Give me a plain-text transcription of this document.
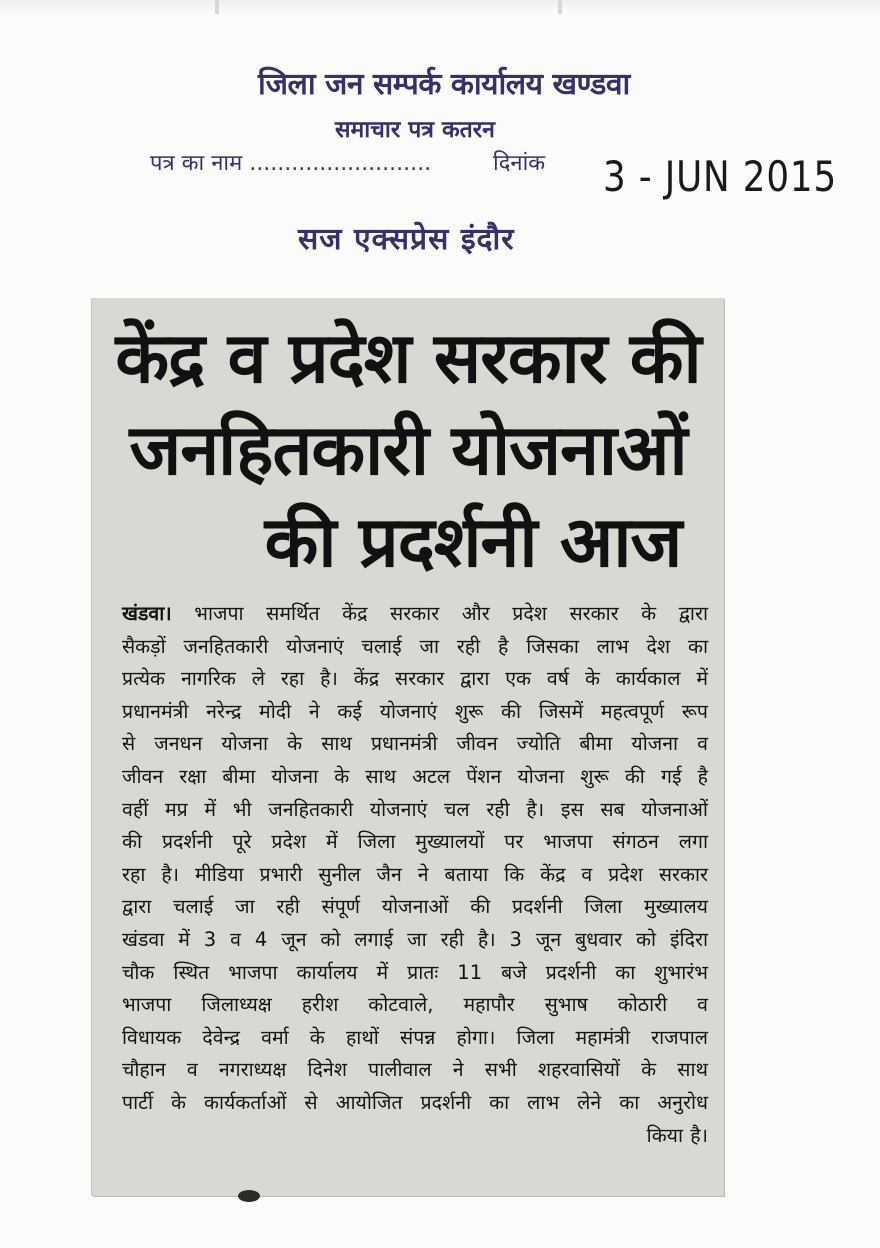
जिला जन सम्पर्क कार्यालय खण्डवा
समाचार पत्र कतरन
पत्र का नाम ..........................	दिनांक 3 - JUN 2015
सज एक्सप्रेस इंदौर
केंद्र व प्रदेश सरकार की
जनहितकारी योजनाओं
की प्रदर्शनी आज
खंडवा। भाजपा समर्थित केंद्र सरकार और प्रदेश सरकार के द्वारा
सैकड़ों जनहितकारी योजनाएं चलाई जा रही है जिसका लाभ देश का
प्रत्येक नागरिक ले रहा है। केंद्र सरकार द्वारा एक वर्ष के कार्यकाल में
प्रधानमंत्री नरेन्द्र मोदी ने कई योजनाएं शुरू की जिसमें महत्वपूर्ण रूप
से जनधन योजना के साथ प्रधानमंत्री जीवन ज्योति बीमा योजना व
जीवन रक्षा बीमा योजना के साथ अटल पेंशन योजना शुरू की गई है
वहीं मप्र में भी जनहितकारी योजनाएं चल रही है। इस सब योजनाओं
की प्रदर्शनी पूरे प्रदेश में जिला मुख्यालयों पर भाजपा संगठन लगा
रहा है। मीडिया प्रभारी सुनील जैन ने बताया कि केंद्र व प्रदेश सरकार
द्वारा चलाई जा रही संपूर्ण योजनाओं की प्रदर्शनी जिला मुख्यालय
खंडवा में 3 व 4 जून को लगाई जा रही है। 3 जून बुधवार को इंदिरा
चौक स्थित भाजपा कार्यालय में प्रातः 11 बजे प्रदर्शनी का शुभारंभ
भाजपा जिलाध्यक्ष हरीश कोटवाले, महापौर सुभाष कोठारी व
विधायक देवेन्द्र वर्मा के हाथों संपन्न होगा। जिला महामंत्री राजपाल
चौहान व नगराध्यक्ष दिनेश पालीवाल ने सभी शहरवासियों के साथ
पार्टी के कार्यकर्ताओं से आयोजित प्रदर्शनी का लाभ लेने का अनुरोध
किया है।
